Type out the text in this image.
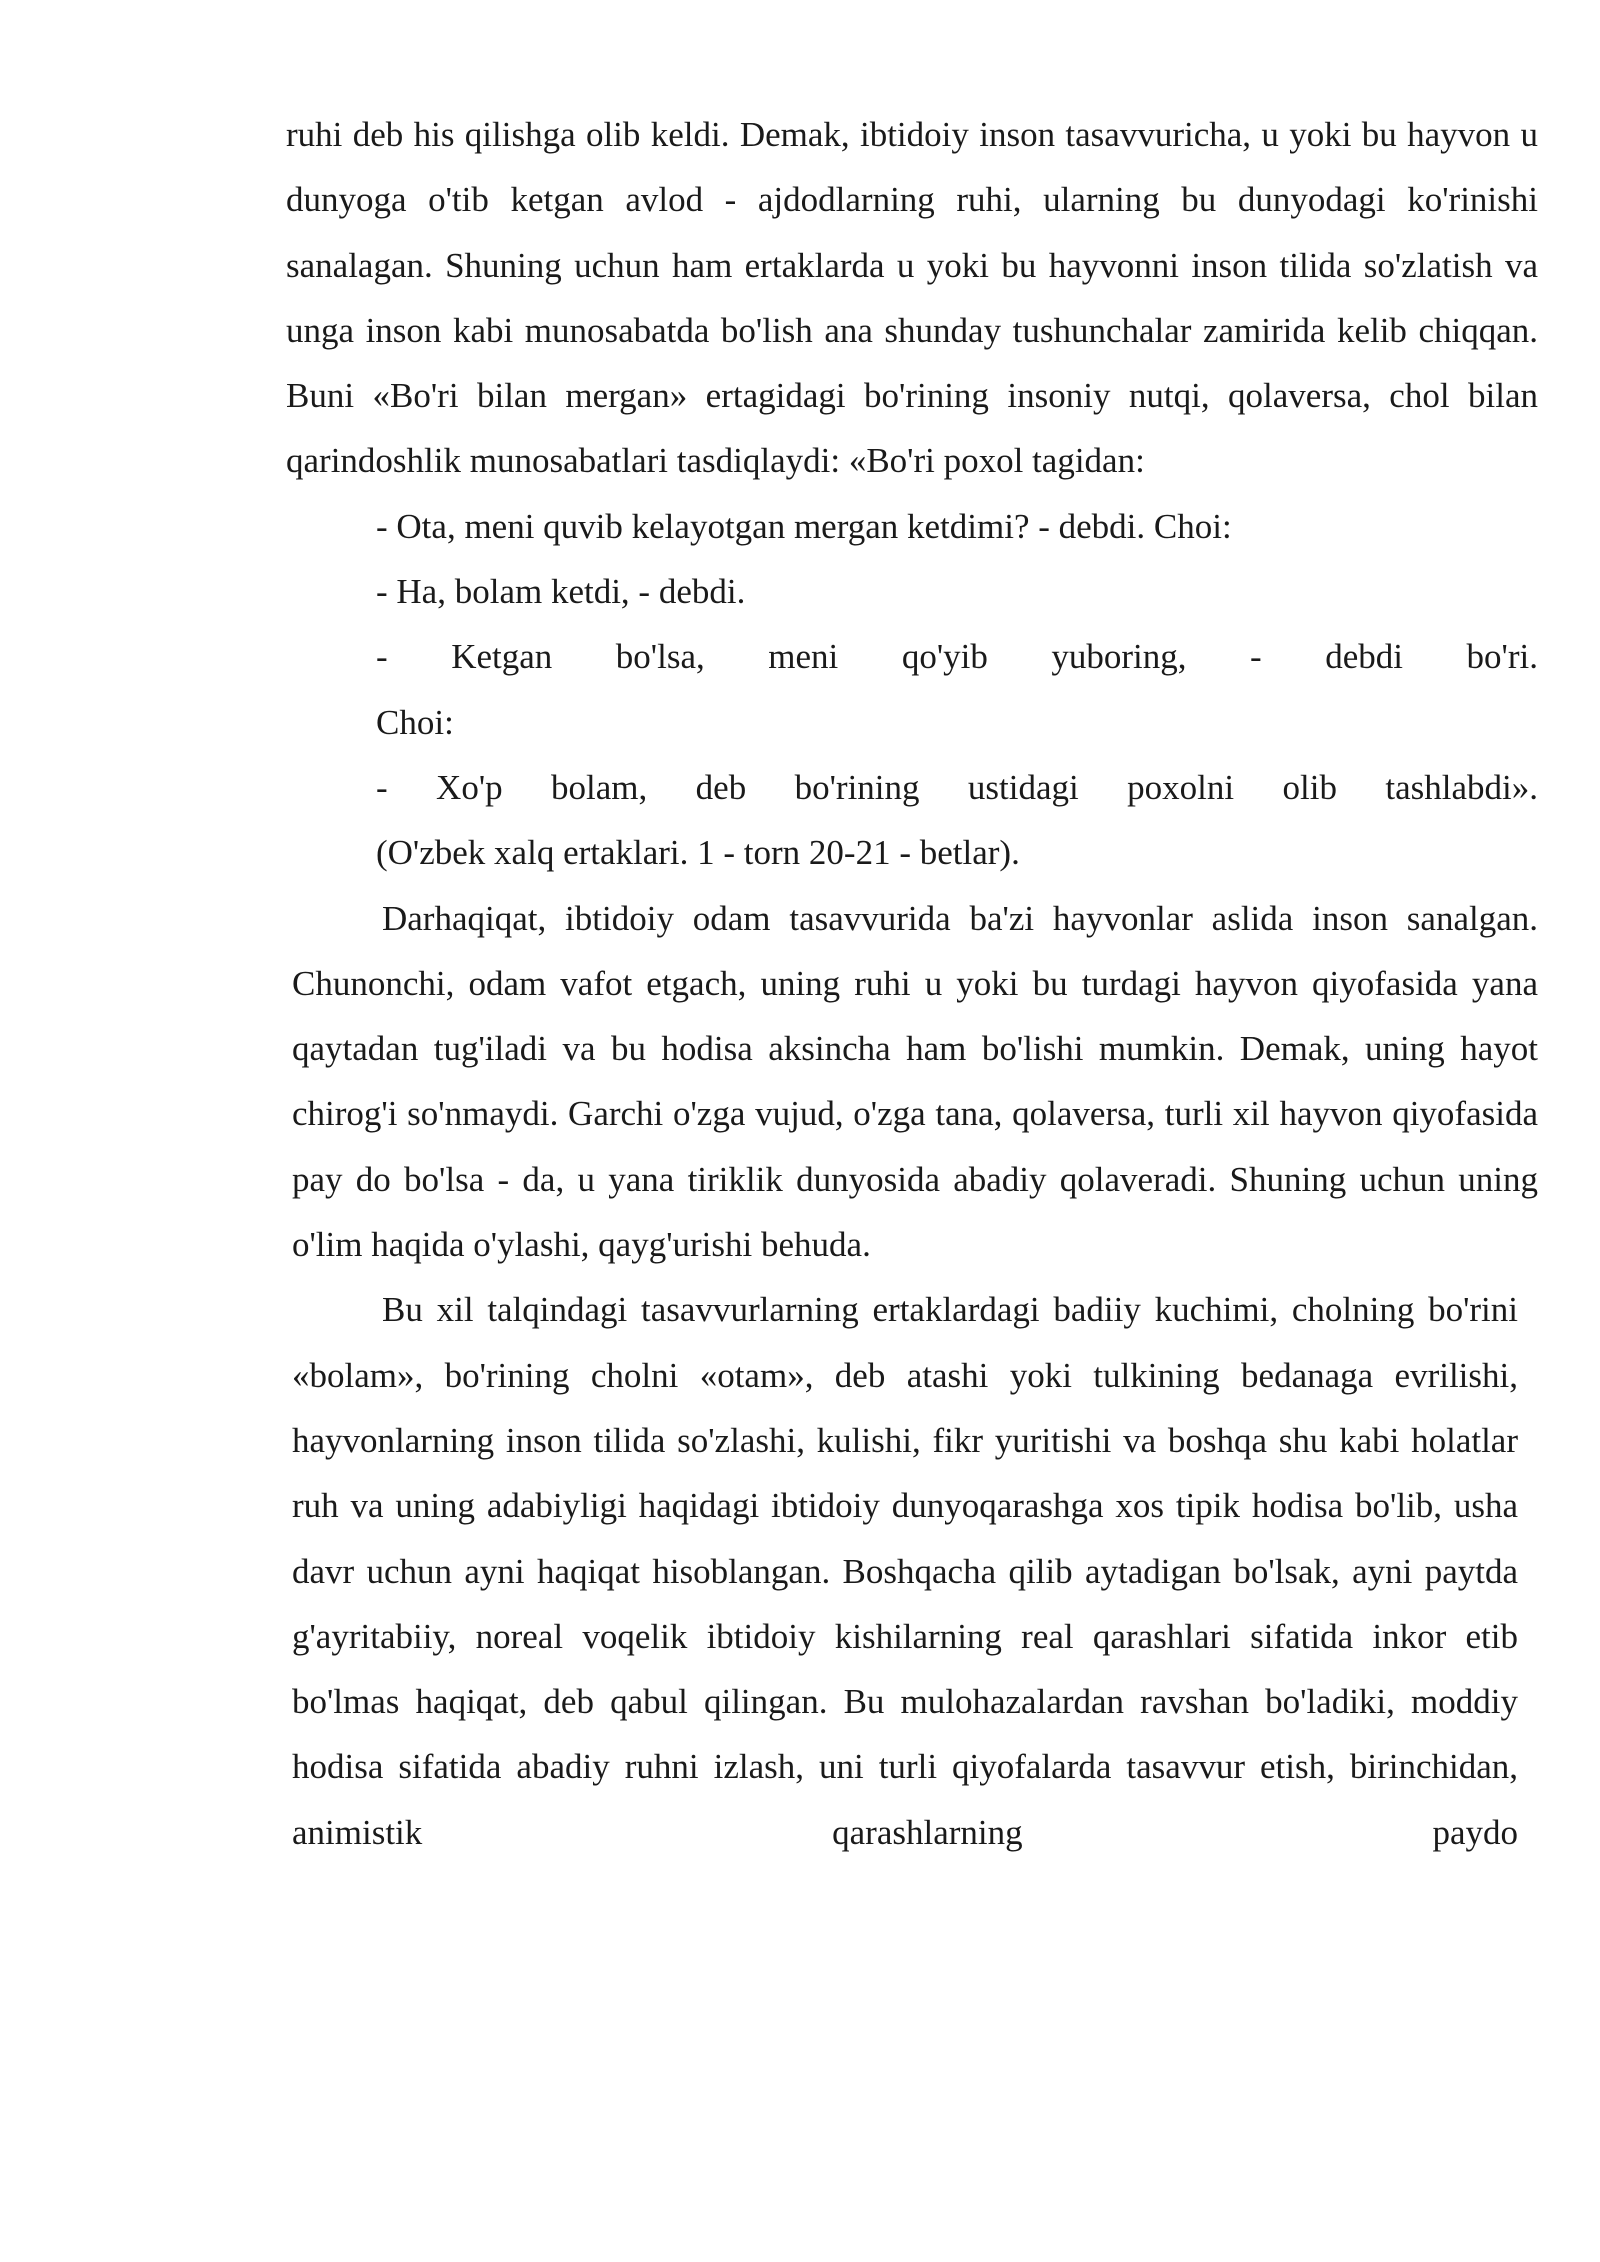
ruhi deb his qilishga olib keldi. Demak, ibtidoiy inson tasavvuricha, u yoki bu hayvon u dunyoga o'tib ketgan avlod - ajdodlarning ruhi, ularning bu dunyodagi ko'rinishi sanalagan. Shuning uchun ham ertaklarda u yoki bu hayvonni inson tilida so'zlatish va unga inson kabi munosabatda bo'lish ana shunday tushunchalar zamirida kelib chiqqan. Buni «Bo'ri bilan mergan» ertagidagi bo'rining insoniy nutqi, qolaversa, chol bilan qarindoshlik munosabatlari tasdiqlaydi: «Bo'ri poxol tagidan:

- Ota, meni quvib kelayotgan mergan ketdimi? - debdi. Choi:

- Ha, bolam ketdi, - debdi.

- Ketgan bo'lsa, meni qo'yib yuboring, - debdi bo'ri.

Choi:

- Xo'p bolam, deb bo'rining ustidagi poxolni olib tashlabdi».

(O'zbek xalq ertaklari. 1 - torn 20-21 - betlar).

Darhaqiqat, ibtidoiy odam tasavvurida ba'zi hayvonlar aslida inson sanalgan. Chunonchi, odam vafot etgach, uning ruhi u yoki bu turdagi hayvon qiyofasida yana qaytadan tug'iladi va bu hodisa aksincha ham bo'lishi mumkin. Demak, uning hayot chirog'i so'nmaydi. Garchi o'zga vujud, o'zga tana, qolaversa, turli xil hayvon qiyofasida pay do bo'lsa - da, u yana tiriklik dunyosida abadiy qolaveradi. Shuning uchun uning o'lim haqida o'ylashi, qayg'urishi behuda.

Bu xil talqindagi tasavvurlarning ertaklardagi badiiy kuchimi, cholning bo'rini «bolam», bo'rining cholni «otam», deb atashi yoki tulkining bedanaga evrilishi, hayvonlarning inson tilida so'zlashi, kulishi, fikr yuritishi va boshqa shu kabi holatlar ruh va uning adabiyligi haqidagi ibtidoiy dunyoqarashga xos tipik hodisa bo'lib, usha davr uchun ayni haqiqat hisoblangan. Boshqacha qilib aytadigan bo'lsak, ayni paytda g'ayritabiiy, noreal voqelik ibtidoiy kishilarning real qarashlari sifatida inkor etib bo'lmas haqiqat, deb qabul qilingan. Bu mulohazalardan ravshan bo'ladiki, moddiy hodisa sifatida abadiy ruhni izlash, uni turli qiyofalarda tasavvur etish, birinchidan, animistik qarashlarning paydo
